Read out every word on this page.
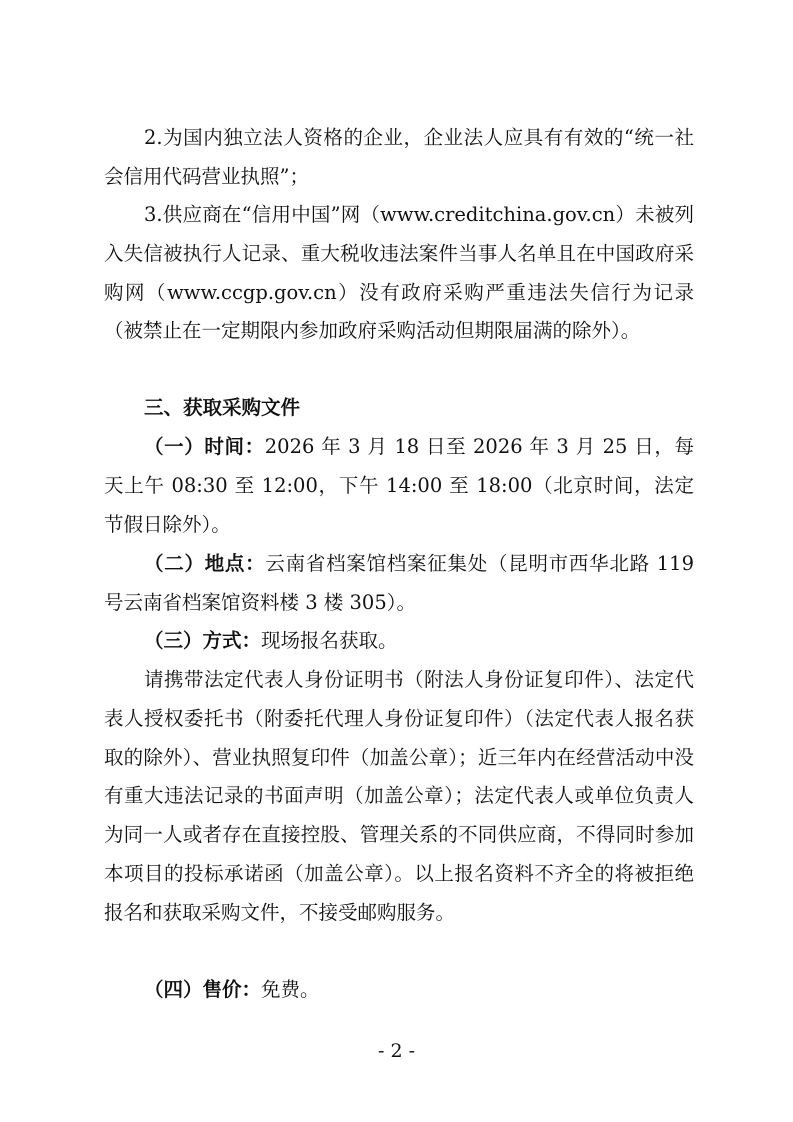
2.为国内独立法人资格的企业，企业法人应具有有效的“统一社会信用代码营业执照”；

3.供应商在“信用中国”网（www.creditchina.gov.cn）未被列入失信被执行人记录、重大税收违法案件当事人名单且在中国政府采购网（www.ccgp.gov.cn）没有政府采购严重违法失信行为记录（被禁止在一定期限内参加政府采购活动但期限届满的除外）。

三、获取采购文件

（一）时间：2026 年 3 月 18 日至 2026 年 3 月 25 日，每天上午 08:30 至 12:00，下午 14:00 至 18:00（北京时间，法定节假日除外）。

（二）地点：云南省档案馆档案征集处（昆明市西华北路 119 号云南省档案馆资料楼 3 楼 305）。

（三）方式：现场报名获取。

请携带法定代表人身份证明书（附法人身份证复印件）、法定代表人授权委托书（附委托代理人身份证复印件）（法定代表人报名获取的除外）、营业执照复印件（加盖公章）；近三年内在经营活动中没有重大违法记录的书面声明（加盖公章）；法定代表人或单位负责人为同一人或者存在直接控股、管理关系的不同供应商，不得同时参加本项目的投标承诺函（加盖公章）。以上报名资料不齐全的将被拒绝报名和获取采购文件，不接受邮购服务。

（四）售价：免费。

- 2 -
